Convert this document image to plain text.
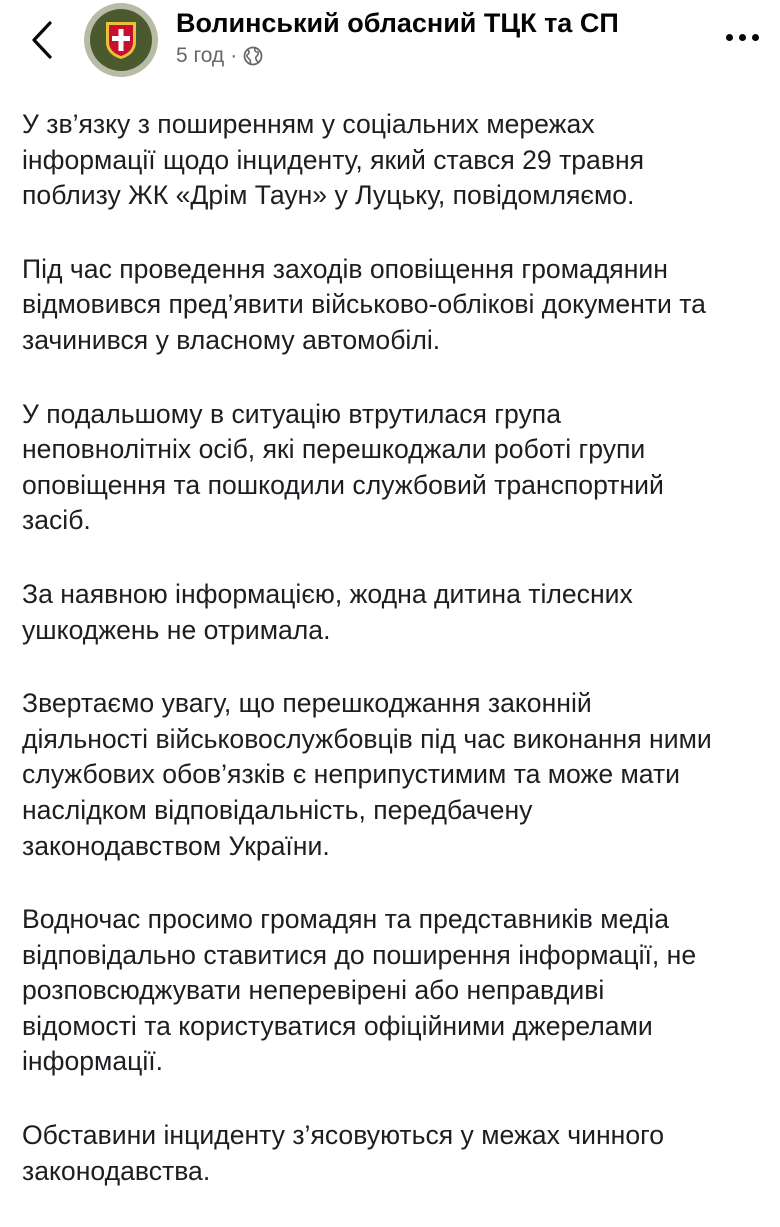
Волинський обласний ТЦК та СП
5 год ·

У зв’язку з поширенням у соціальних мережах
інформації щодо інциденту, який стався 29 травня
поблизу ЖК «Дрім Таун» у Луцьку, повідомляємо.

Під час проведення заходів оповіщення громадянин
відмовився пред’явити військово-облікові документи та
зачинився у власному автомобілі.

У подальшому в ситуацію втрутилася група
неповнолітніх осіб, які перешкоджали роботі групи
оповіщення та пошкодили службовий транспортний
засіб.

За наявною інформацією, жодна дитина тілесних
ушкоджень не отримала.

Звертаємо увагу, що перешкоджання законній
діяльності військовослужбовців під час виконання ними
службових обов’язків є неприпустимим та може мати
наслідком відповідальність, передбачену
законодавством України.

Водночас просимо громадян та представників медіа
відповідально ставитися до поширення інформації, не
розповсюджувати неперевірені або неправдиві
відомості та користуватися офіційними джерелами
інформації.

Обставини інциденту з’ясовуються у межах чинного
законодавства.
